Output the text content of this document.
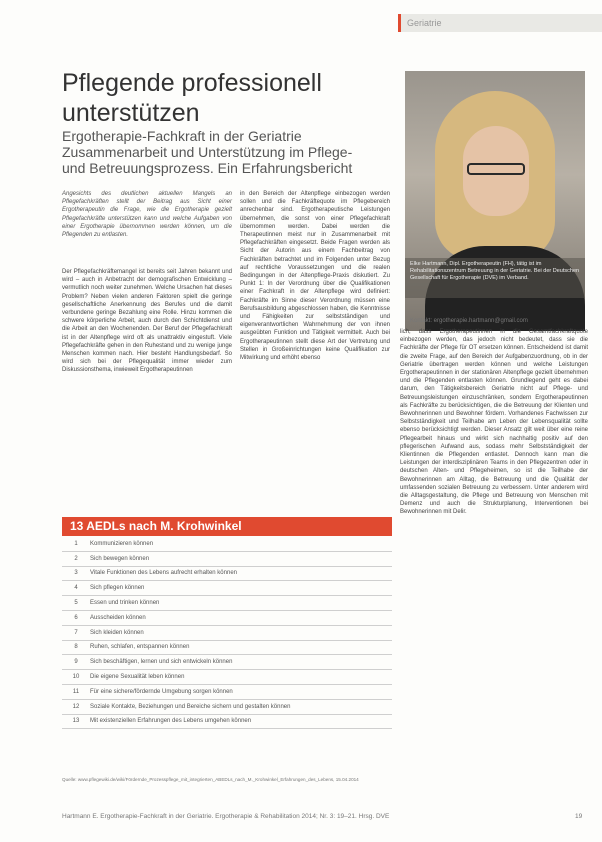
Geriatrie
Pflegende professionell unterstützen
Ergotherapie-Fachkraft in der Geriatrie
Zusammenarbeit und Unterstützung im Pflege-
und Betreuungsprozess. Ein Erfahrungsbericht
Elke Hartmann, Dipl. Ergotherapeutin (FH), tätig ist im Rehabilitationszentrum Betreuung in der Geriatrie. Bei der Deutschen Gesellschaft für Ergotherapie (DVE) im Verband.
Kontakt: ergotherapie.hartmann@gmail.com
Angesichts des deutlichen aktuellen Mangels an Pflegefachkräften stellt der Beitrag aus Sicht einer Ergotherapeutin die Frage, wie die Ergotherapie gezielt Pflegefachkräfte unterstützen kann und welche Aufgaben von einer Ergotherapie übernommen werden können, um die Pflegenden zu entlasten.
Der Pflegefachkräftemangel ist bereits seit Jahren bekannt und wird – auch in Anbetracht der demografischen Entwicklung – vermutlich noch weiter zunehmen. Welche Ursachen hat dieses Problem? Neben vielen anderen Faktoren spielt die geringe gesellschaftliche Anerkennung des Berufes und die damit verbundene geringe Bezahlung eine Rolle. Hinzu kommen die schwere körperliche Arbeit, auch durch den Schichtdienst und die Arbeit an den Wochenenden. Der Beruf der Pflegefachkraft ist in der Altenpflege wird oft als unattraktiv eingestuft. Viele Pflegefachkräfte gehen in den Ruhestand und zu wenige junge Menschen kommen nach. Hier besteht Handlungsbedarf. So wird sich bei der Pflegequalität immer wieder zum Diskussionsthema, inwieweit Ergotherapeutinnen
in den Bereich der Altenpflege einbezogen werden sollen und die Fachkräftequote im Pflegebereich anrechenbar sind. Ergotherapeutische Leistungen übernehmen, die sonst von einer Pflegefachkraft übernommen werden. Dabei werden die Therapeutinnen meist nur in Zusammenarbeit mit Pflegefachkräften eingesetzt. Beide Fragen werden als Sicht der Autorin aus einem Fachbeitrag von Fachkräften betrachtet und im Folgenden unter Bezug auf rechtliche Voraussetzungen und die realen Bedingungen in der Altenpflege-Praxis diskutiert. Zu Punkt 1: In der Verordnung über die Qualifikationen einer Fachkraft in der Altenpflege wird definiert: Fachkräfte im Sinne dieser Verordnung müssen eine Berufsausbildung abgeschlossen haben, die Kenntnisse und Fähigkeiten zur selbstständigen und eigenverantwortlichen Wahrnehmung der von ihnen ausgeübten Funktion und Tätigkeit vermittelt. Auch bei Ergotherapeutinnen stellt diese Art der Vertretung und Stellen in Großeinrichtungen keine Qualifikation zur Mitwirkung und erhöht ebenso
lich, dass Ergotherapeutinnen in die Gesamtfachkraftquote einbezogen werden, das jedoch nicht bedeutet, dass sie die Fachkräfte der Pflege für OT ersetzen können. Entscheidend ist damit die zweite Frage, auf den Bereich der Aufgabenzuordnung, ob in der Geriatrie übertragen werden können und welche Leistungen Ergotherapeutinnen in der stationären Altenpflege gezielt übernehmen und die Pflegenden entlasten können. Grundlegend geht es dabei darum, den Tätigkeitsbereich Geriatrie nicht auf Pflege- und Betreuungsleistungen einzuschränken, sondern Ergotherapeutinnen als Fachkräfte zu berücksichtigen, die die Betreuung der Klienten und Bewohnerinnen und Bewohner fördern. Vorhandenes Fachwissen zur Selbstständigkeit und Teilhabe am Leben der Lebensqualität sollte ebenso berücksichtigt werden. Dieser Ansatz gilt weit über eine reine Pflegearbeit hinaus und wirkt sich nachhaltig positiv auf den pflegerischen Aufwand aus, sodass mehr Selbstständigkeit der Klientinnen die Pflegenden entlastet. Dennoch kann man die Leistungen der interdisziplinären Teams in den Pflegezentren oder in deutschen Alten- und Pflegeheimen, so ist die Teilhabe der Bewohnerinnen am Alltag, die Betreuung und die Qualität der umfassenden sozialen Betreuung zu verbessern. Unter anderem wird die Alltagsgestaltung, die Pflege und Betreuung von Menschen mit Demenz und auch die Strukturplanung, Interventionen bei Bewohnerinnen mit Delir.
13 AEDLs nach M. Krohwinkel
1	Kommunizieren können
2	Sich bewegen können
3	Vitale Funktionen des Lebens aufrecht erhalten können
4	Sich pflegen können
5	Essen und trinken können
6	Ausscheiden können
7	Sich kleiden können
8	Ruhen, schlafen, entspannen können
9	Sich beschäftigen, lernen und sich entwickeln können
10	Die eigene Sexualität leben können
11	Für eine sichere/fördernde Umgebung sorgen können
12	Soziale Kontakte, Beziehungen und Bereiche sichern und gestalten können
13	Mit existenziellen Erfahrungen des Lebens umgehen können
Quelle: www.pflegewiki.de/wiki/Fördernde_Prozesspflege_mit_integrierten_ABEDLs_nach_M._Krohwinkel_Erfahrungen_des_Lebens, 15.04.2014
Hartmann E. Ergotherapie-Fachkraft in der Geriatrie. Ergotherapie & Rehabilitation 2014; Nr. 3: 19–21. Hrsg. DVE	19
